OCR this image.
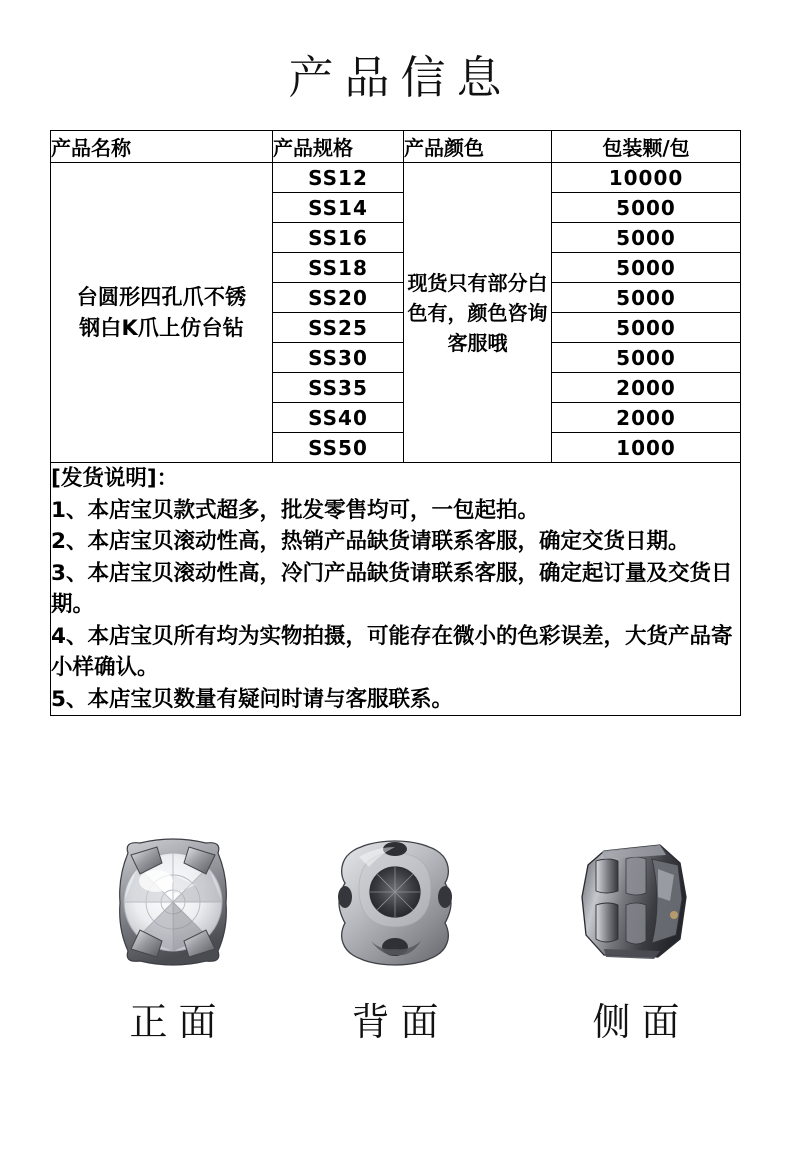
产品信息
产品名称	产品规格	产品颜色	包装颗/包

台圆形四孔爪不锈
钢白K爪上仿台钻	SS12	现货只有部分白色有，颜色咨询客服哦	10000
	SS14		5000
	SS16		5000
	SS18		5000
	SS20		5000
	SS25		5000
	SS30		5000
	SS35		2000
	SS40		2000
	SS50		1000

[发货说明]：
1、本店宝贝款式超多，批发零售均可，一包起拍。
2、本店宝贝滚动性高，热销产品缺货请联系客服，确定交货日期。
3、本店宝贝滚动性高，冷门产品缺货请联系客服，确定起订量及交货日期。
4、本店宝贝所有均为实物拍摄，可能存在微小的色彩误差，大货产品寄小样确认。
5、本店宝贝数量有疑问时请与客服联系。
正面	背面	侧面
